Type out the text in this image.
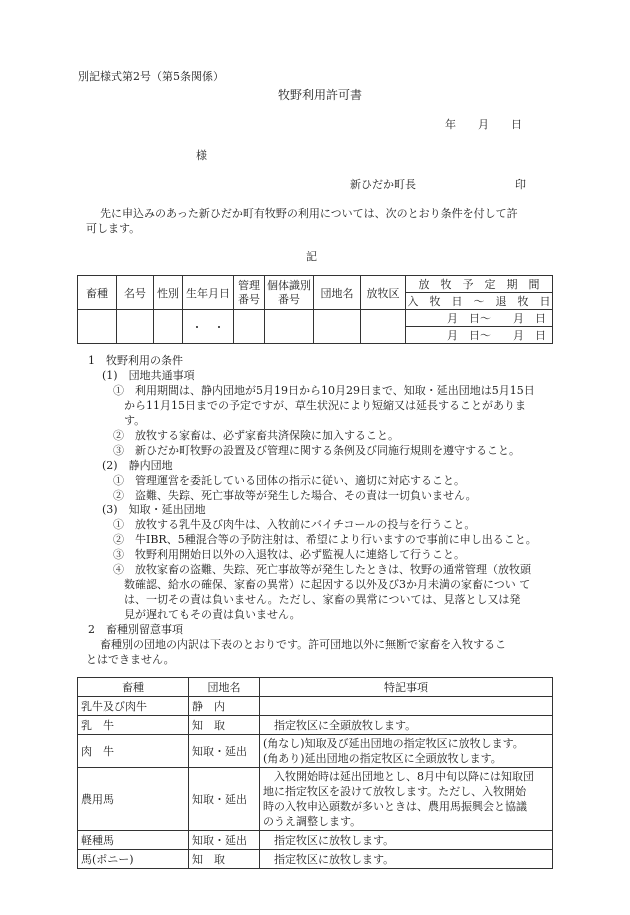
別記様式第2号（第5条関係）
牧野利用許可書
年　　月　　日
様
新ひだか町長	印
先に申込みのあった新ひだか町有牧野の利用については、次のとおり条件を付して許
可します。
記
畜種	名号	性別	生年月日	管理番号	個体識別番号	団地名	放牧区	放　牧　予　定　期　間
								入　牧　日　～　退　牧　日
			・　・					月　日～　　月　日
								月　日～　　月　日
1　牧野利用の条件
(1)　団地共通事項
①　利用期間は、静内団地が5月19日から10月29日まで、知取・延出団地は5月15日
から11月15日までの予定ですが、草生状況により短縮又は延長することがありま
す。
②　放牧する家畜は、必ず家畜共済保険に加入すること。
③　新ひだか町牧野の設置及び管理に関する条例及び同施行規則を遵守すること。
(2)　静内団地
①　管理運営を委託している団体の指示に従い、適切に対応すること。
②　盗難、失踪、死亡事故等が発生した場合、その責は一切負いません。
(3)　知取・延出団地
①　放牧する乳牛及び肉牛は、入牧前にバイチコールの投与を行うこと。
②　牛IBR、5種混合等の予防注射は、希望により行いますので事前に申し出ること。
③　牧野利用開始日以外の入退牧は、必ず監視人に連絡して行うこと。
④　放牧家畜の盗難、失踪、死亡事故等が発生したときは、牧野の通常管理（放牧頭
数確認、給水の確保、家畜の異常）に起因する以外及び3か月未満の家畜につい て
は、一切その責は負いません。ただし、家畜の異常については、見落とし又は発
見が遅れてもその責は負いません。
2　畜種別留意事項
畜種別の団地の内訳は下表のとおりです。許可団地以外に無断で家畜を入牧するこ
とはできません。
畜種	団地名	特記事項
乳牛及び肉牛	静　内	
乳　牛	知　取	　指定牧区に全頭放牧します。
肉　牛	知取・延出	(角なし)知取及び延出団地の指定牧区に放牧します。
(角あり)延出団地の指定牧区に全頭放牧します。

農用馬	知取・延出	　入牧開始時は延出団地とし、8月中旬以降には知取団
地に指定牧区を設けて放牧します。ただし、入牧開始
時の入牧申込頭数が多いときは、農用馬振興会と協議
のうえ調整します。

軽種馬	知取・延出	　指定牧区に放牧します。
馬(ポニー)	知　取	　指定牧区に放牧します。
